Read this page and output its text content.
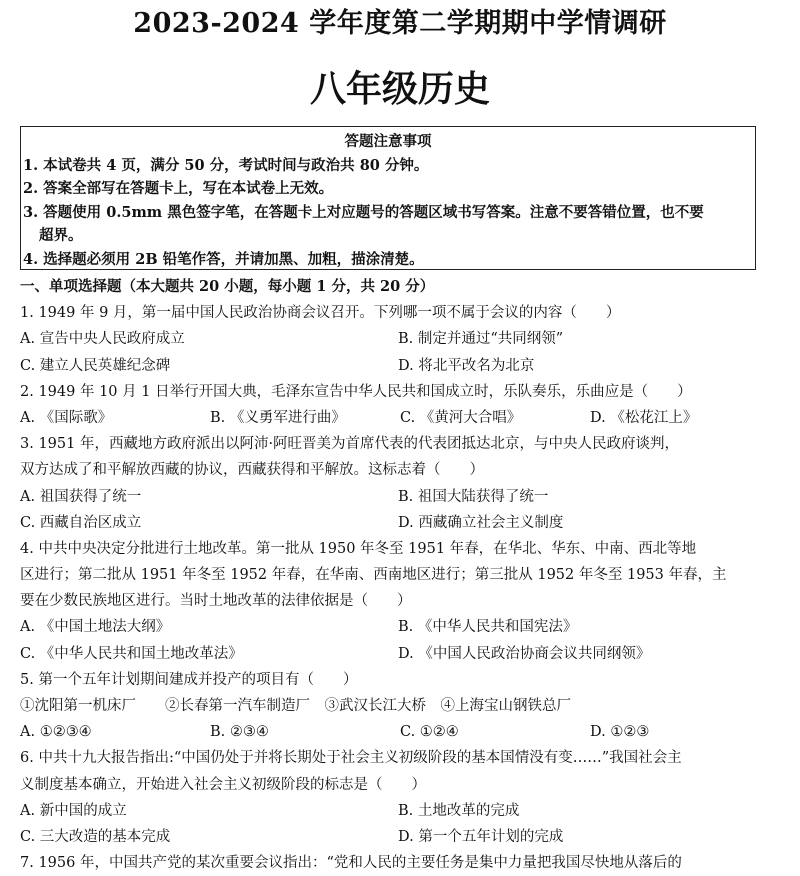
2023-2024 学年度第二学期期中学情调研
八年级历史
答题注意事项
1. 本试卷共 4 页，满分 50 分，考试时间与政治共 80 分钟。
2. 答案全部写在答题卡上，写在本试卷上无效。
3. 答题使用 0.5mm 黑色签字笔，在答题卡上对应题号的答题区域书写答案。注意不要答错位置，也不要
超界。
4. 选择题必须用 2B 铅笔作答，并请加黑、加粗，描涂清楚。
一、单项选择题（本大题共 20 小题，每小题 1 分，共 20 分）
1. 1949 年 9 月，第一届中国人民政治协商会议召开。下列哪一项不属于会议的内容（　　）
A. 宣告中央人民政府成立	B. 制定并通过“共同纲领”
C. 建立人民英雄纪念碑	D. 将北平改名为北京
2. 1949 年 10 月 1 日举行开国大典，毛泽东宣告中华人民共和国成立时，乐队奏乐，乐曲应是（　　）
A. 《国际歌》	B. 《义勇军进行曲》	C. 《黄河大合唱》	D. 《松花江上》
3. 1951 年，西藏地方政府派出以阿沛·阿旺晋美为首席代表的代表团抵达北京，与中央人民政府谈判，
双方达成了和平解放西藏的协议，西藏获得和平解放。这标志着（　　）
A. 祖国获得了统一	B. 祖国大陆获得了统一
C. 西藏自治区成立	D. 西藏确立社会主义制度
4. 中共中央决定分批进行土地改革。第一批从 1950 年冬至 1951 年春，在华北、华东、中南、西北等地
区进行；第二批从 1951 年冬至 1952 年春，在华南、西南地区进行；第三批从 1952 年冬至 1953 年春，主
要在少数民族地区进行。当时土地改革的法律依据是（　　）
A. 《中国土地法大纲》	B. 《中华人民共和国宪法》
C. 《中华人民共和国土地改革法》	D. 《中国人民政治协商会议共同纲领》
5. 第一个五年计划期间建成并投产的项目有（　　）
①沈阳第一机床厂　　②长春第一汽车制造厂　③武汉长江大桥　④上海宝山钢铁总厂
A. ①②③④	B. ②③④	C. ①②④	D. ①②③
6. 中共十九大报告指出:“中国仍处于并将长期处于社会主义初级阶段的基本国情没有变……”我国社会主
义制度基本确立，开始进入社会主义初级阶段的标志是（　　）
A. 新中国的成立	B. 土地改革的完成
C. 三大改造的基本完成	D. 第一个五年计划的完成
7. 1956 年，中国共产党的某次重要会议指出：“党和人民的主要任务是集中力量把我国尽快地从落后的
